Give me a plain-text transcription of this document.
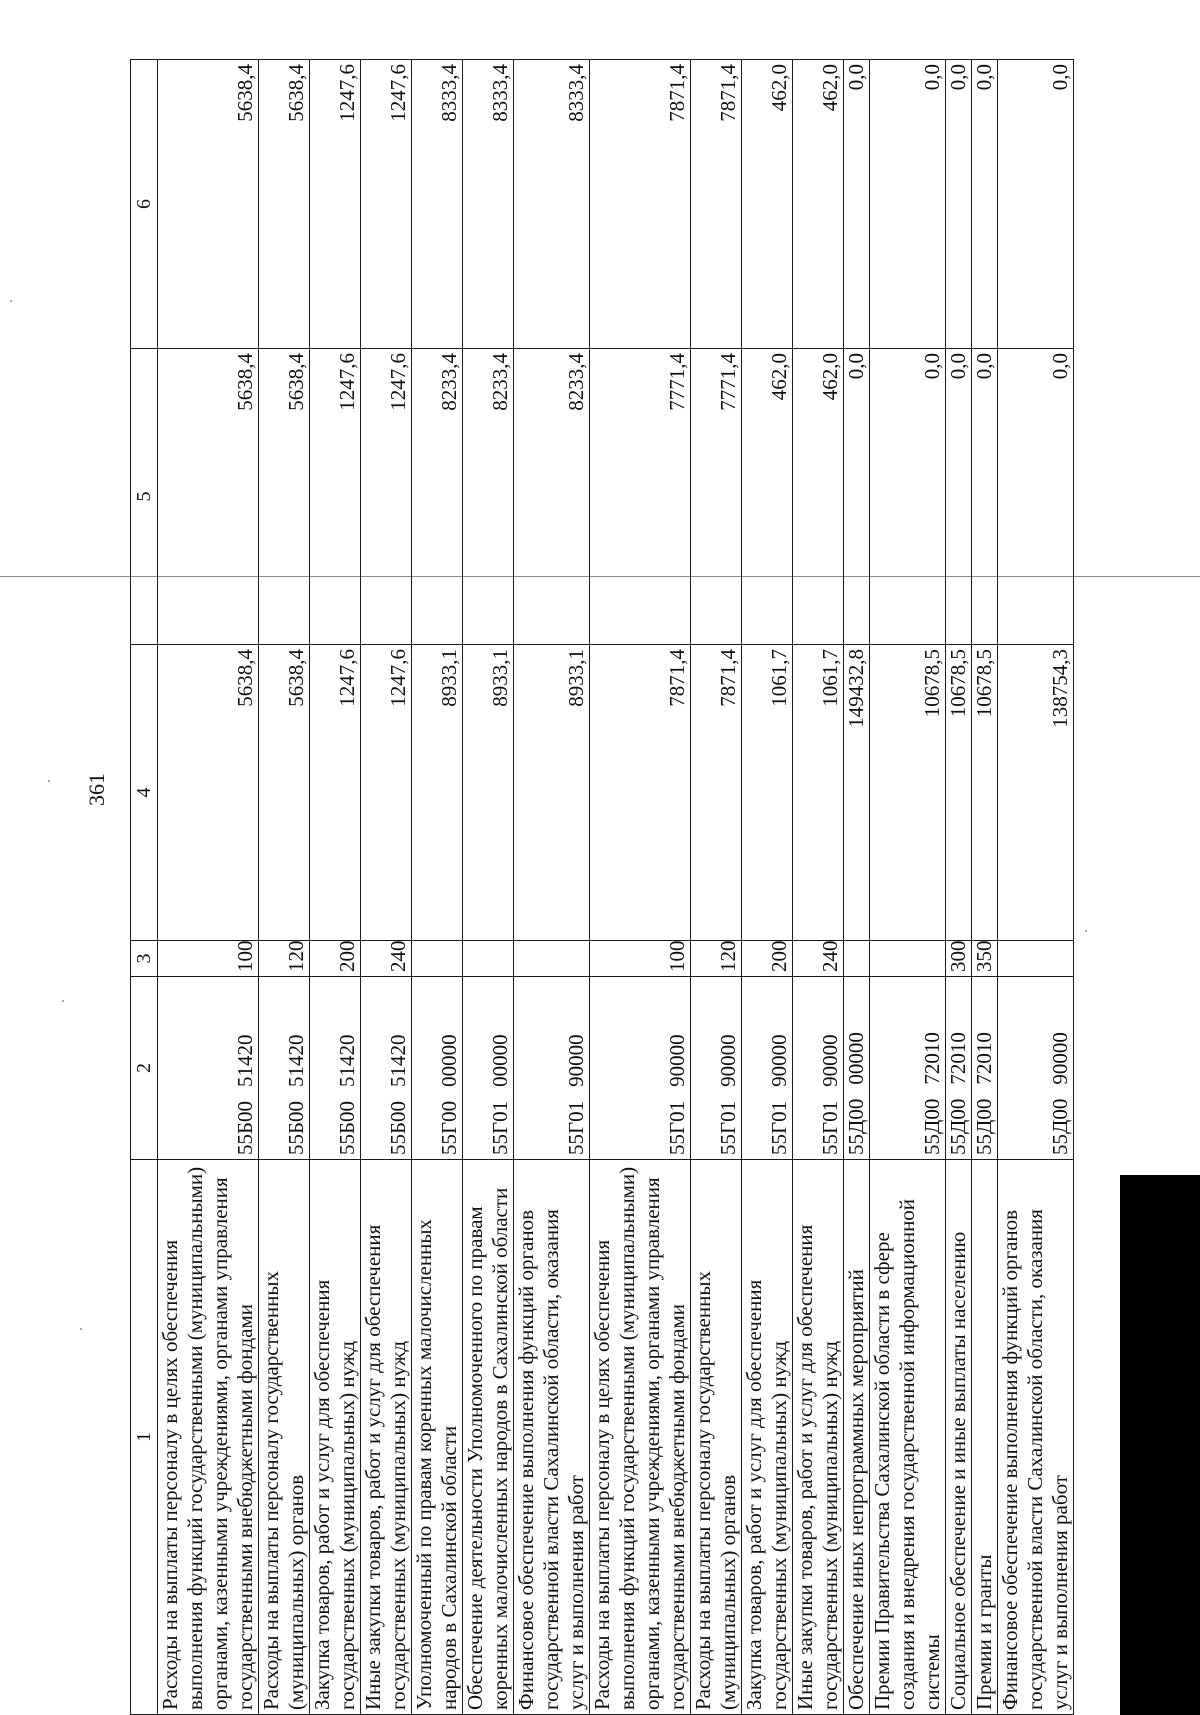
361
1	2	3	4	5	6
Расходы на выплаты персоналу в целях обеспечения выполнения функций государственными (муниципальными) органами, казенными учреждениями, органами управления государственными внебюджетными фондами	55Б0051420	100	5638,4	5638,4	5638,4
Расходы на выплаты персоналу государственных (муниципальных) органов	55Б0051420	120	5638,4	5638,4	5638,4
Закупка товаров, работ и услуг для обеспечения государственных (муниципальных) нужд	55Б0051420	200	1247,6	1247,6	1247,6
Иные закупки товаров, работ и услуг для обеспечения государственных (муниципальных) нужд	55Б0051420	240	1247,6	1247,6	1247,6
Уполномоченный по правам коренных малочисленных народов в Сахалинской области	55Г0000000		8933,1	8233,4	8333,4
Обеспечение деятельности Уполномоченного по правам коренных малочисленных народов в Сахалинской области	55Г0100000		8933,1	8233,4	8333,4
Финансовое обеспечение выполнения функций органов государственной власти Сахалинской области, оказания услуг и выполнения работ	55Г0190000		8933,1	8233,4	8333,4
Расходы на выплаты персоналу в целях обеспечения выполнения функций государственными (муниципальными) органами, казенными учреждениями, органами управления государственными внебюджетными фондами	55Г0190000	100	7871,4	7771,4	7871,4
Расходы на выплаты персоналу государственных (муниципальных) органов	55Г0190000	120	7871,4	7771,4	7871,4
Закупка товаров, работ и услуг для обеспечения государственных (муниципальных) нужд	55Г0190000	200	1061,7	462,0	462,0
Иные закупки товаров, работ и услуг для обеспечения государственных (муниципальных) нужд	55Г0190000	240	1061,7	462,0	462,0
Обеспечение иных непрограммных мероприятий	55Д0000000		149432,8	0,0	0,0
Премии Правительства Сахалинской области в сфере создания и внедрения государственной информационной системы	55Д0072010		10678,5	0,0	0,0
Социальное обеспечение и иные выплаты населению	55Д0072010	300	10678,5	0,0	0,0
Премии и гранты	55Д0072010	350	10678,5	0,0	0,0
Финансовое обеспечение выполнения функций органов государственной власти Сахалинской области, оказания услуг и выполнения работ	55Д0090000		138754,3	0,0	0,0
